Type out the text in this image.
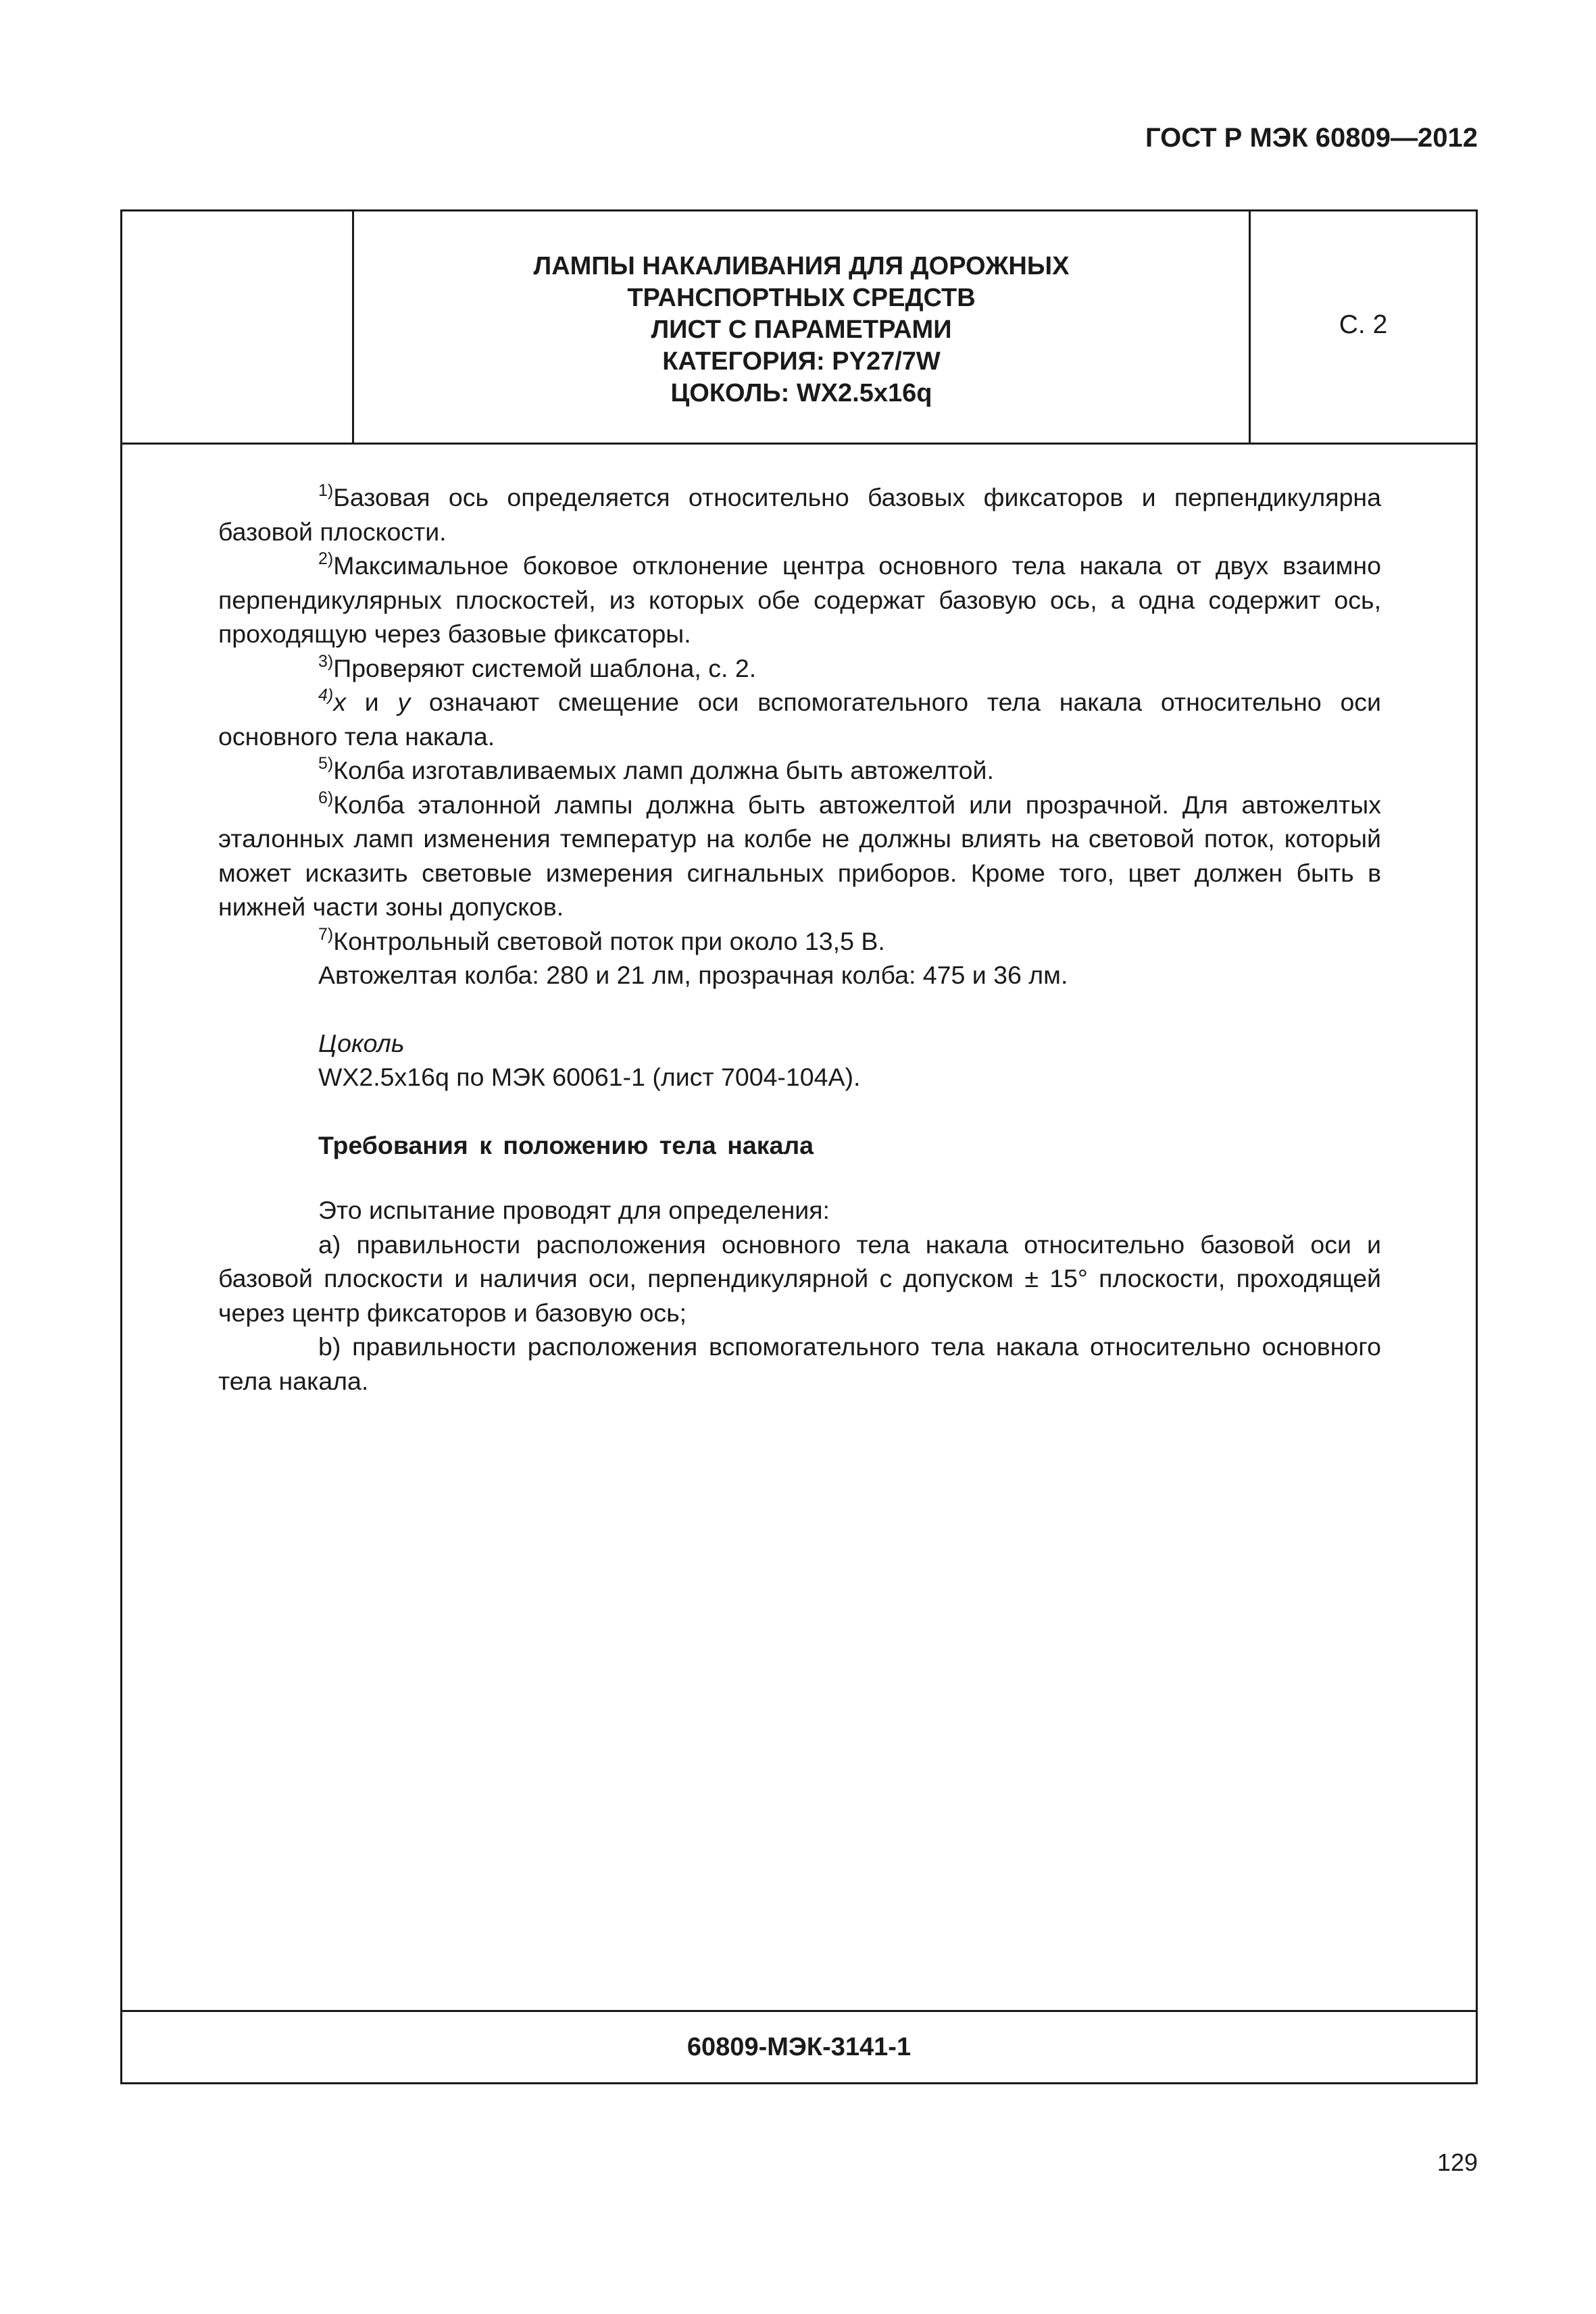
ГОСТ Р МЭК 60809—2012
ЛАМПЫ НАКАЛИВАНИЯ ДЛЯ ДОРОЖНЫХ
ТРАНСПОРТНЫХ СРЕДСТВ
ЛИСТ С ПАРАМЕТРАМИ
КАТЕГОРИЯ: PY27/7W
ЦОКОЛЬ: WX2.5x16q
С. 2

$^{1)}$Базовая ось определяется относительно базовых фиксаторов и перпендикулярна базовой плоскости.

$^{2)}$Максимальное боковое отклонение центра основного тела накала от двух взаимно перпендикулярных плоскостей, из которых обе содержат базовую ось, а одна содержит ось, проходящую через базовые фиксаторы.

$^{3)}$Проверяют системой шаблона, с. 2.

$^{4)}$x и y означают смещение оси вспомогательного тела накала относительно оси основного тела накала.

$^{5)}$Колба изготавливаемых ламп должна быть автожелтой.

$^{6)}$Колба эталонной лампы должна быть автожелтой или прозрачной. Для автожелтых эталонных ламп изменения температур на колбе не должны влиять на световой поток, который может исказить световые измерения сигнальных приборов. Кроме того, цвет должен быть в нижней части зоны допусков.

$^{7)}$Контрольный световой поток при около 13,5 В.

Автожелтая колба: 280 и 21 лм, прозрачная колба: 475 и 36 лм.

Цоколь

WX2.5x16q по МЭК 60061-1 (лист 7004-104A).

Требования к положению тела накала

Это испытание проводят для определения:

а) правильности расположения основного тела накала относительно базовой оси и базовой плоскости и наличия оси, перпендикулярной с допуском ± 15° плоскости, проходящей через центр фиксаторов и базовую ось;

b) правильности расположения вспомогательного тела накала относительно основного тела накала.

60809-МЭК-3141-1
129
